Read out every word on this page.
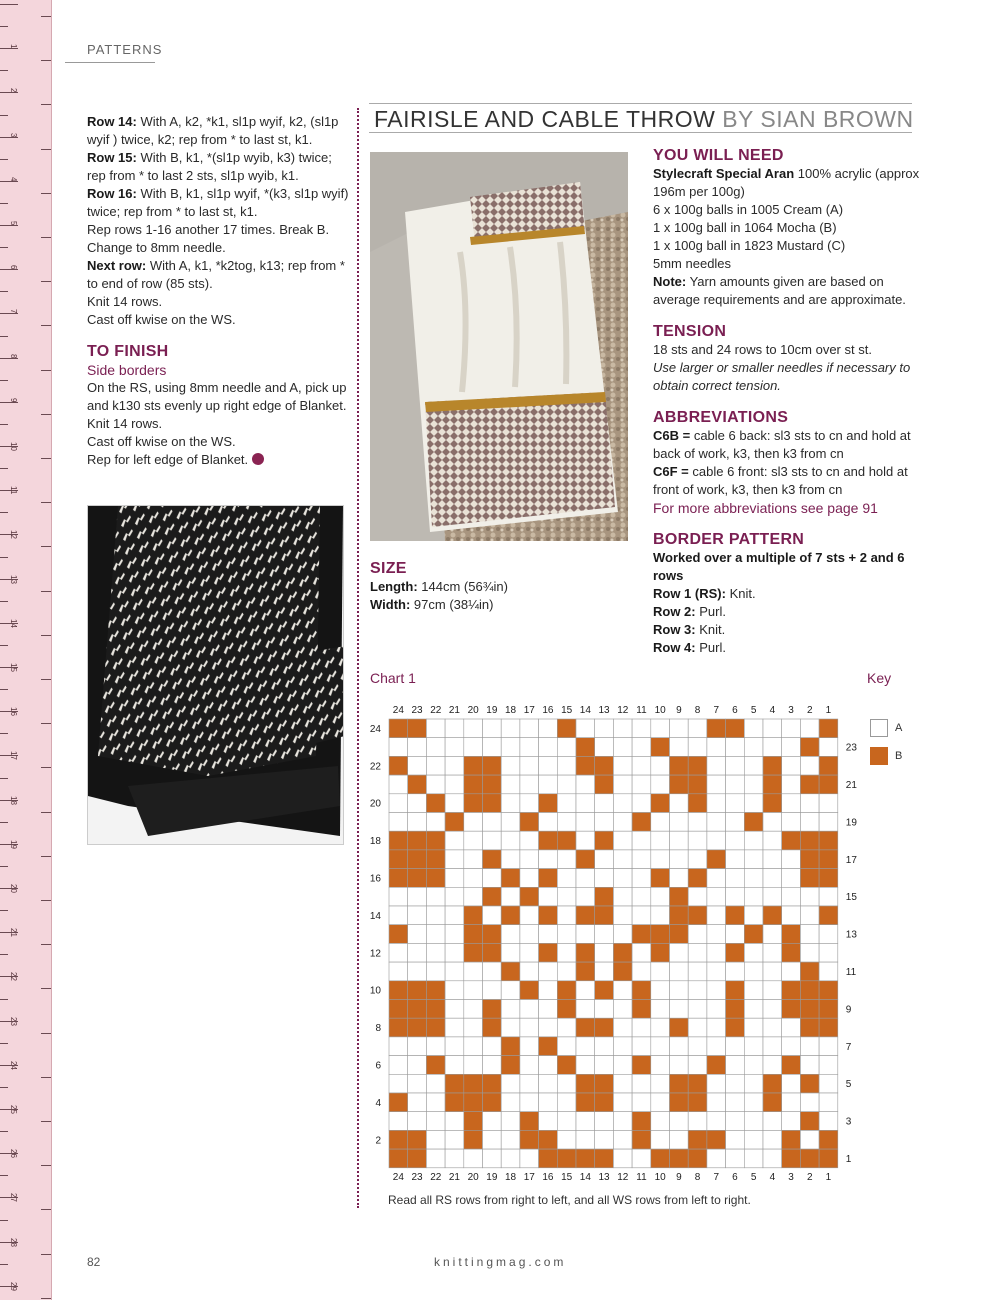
1
2
3
4
5
6
7
8
9
10
11
12
13
14
15
16
17
18
19
20
21
22
23
24
25
26
27
28
29
PATTERNS

Row 14: With A, k2, *k1, sl1p wyif, k2, (sl1p wyif ) twice, k2; rep from * to last st, k1.

Row 15: With B, k1, *(sl1p wyib, k3) twice; rep from * to last 2 sts, sl1p wyib, k1.

Row 16: With B, k1, sl1p wyif, *(k3, sl1p wyif) twice; rep from * to last st, k1.

Rep rows 1-16 another 17 times. Break B.

Change to 8mm needle.

Next row: With A, k1, *k2tog, k13; rep from * to end of row (85 sts).

Knit 14 rows.

Cast off kwise on the WS.

TO FINISH
Side borders

On the RS, using 8mm needle and A, pick up and k130 sts evenly up right edge of Blanket.

Knit 14 rows.

Cast off kwise on the WS.

Rep for left edge of Blanket.

FAIRISLE AND CABLE THROW BY SIAN BROWN
SIZE

Length: 144cm (56¾in)

Width: 97cm (38¼in)

YOU WILL NEED

Stylecraft Special Aran 100% acrylic (approx 196m per 100g)

6 x 100g balls in 1005 Cream (A)

1 x 100g ball in 1064 Mocha (B)

1 x 100g ball in 1823 Mustard (C)

5mm needles

Note: Yarn amounts given are based on average requirements and are approximate.

TENSION

18 sts and 24 rows to 10cm over st st.

Use larger or smaller needles if necessary to obtain correct tension.

ABBREVIATIONS

C6B = cable 6 back: sl3 sts to cn and hold at back of work, k3, then k3 from cn

C6F = cable 6 front: sl3 sts to cn and hold at front of work, k3, then k3 from cn

For more abbreviations see page 91

BORDER PATTERN

Worked over a multiple of 7 sts + 2 and 6 rows

Row 1 (RS): Knit.

Row 2: Purl.

Row 3: Knit.

Row 4: Purl.

Chart 1	Key
A
B
24
24
23
23
22
22
21
21
20
20
19
19
18
18
17
17
16
16
15
15
14
14
13
13
12
12
11
11
10
10
9
9
8
8
7
7
6
6
5
5
4
4
3
3
2
2
1
1
24
23
22
21
20
19
18
17
16
15
14
13
12
11
10
9
8
7
6
5
4
3
2
1
Read all RS rows from right to left, and all WS rows from left to right.
82	knittingmag.com
